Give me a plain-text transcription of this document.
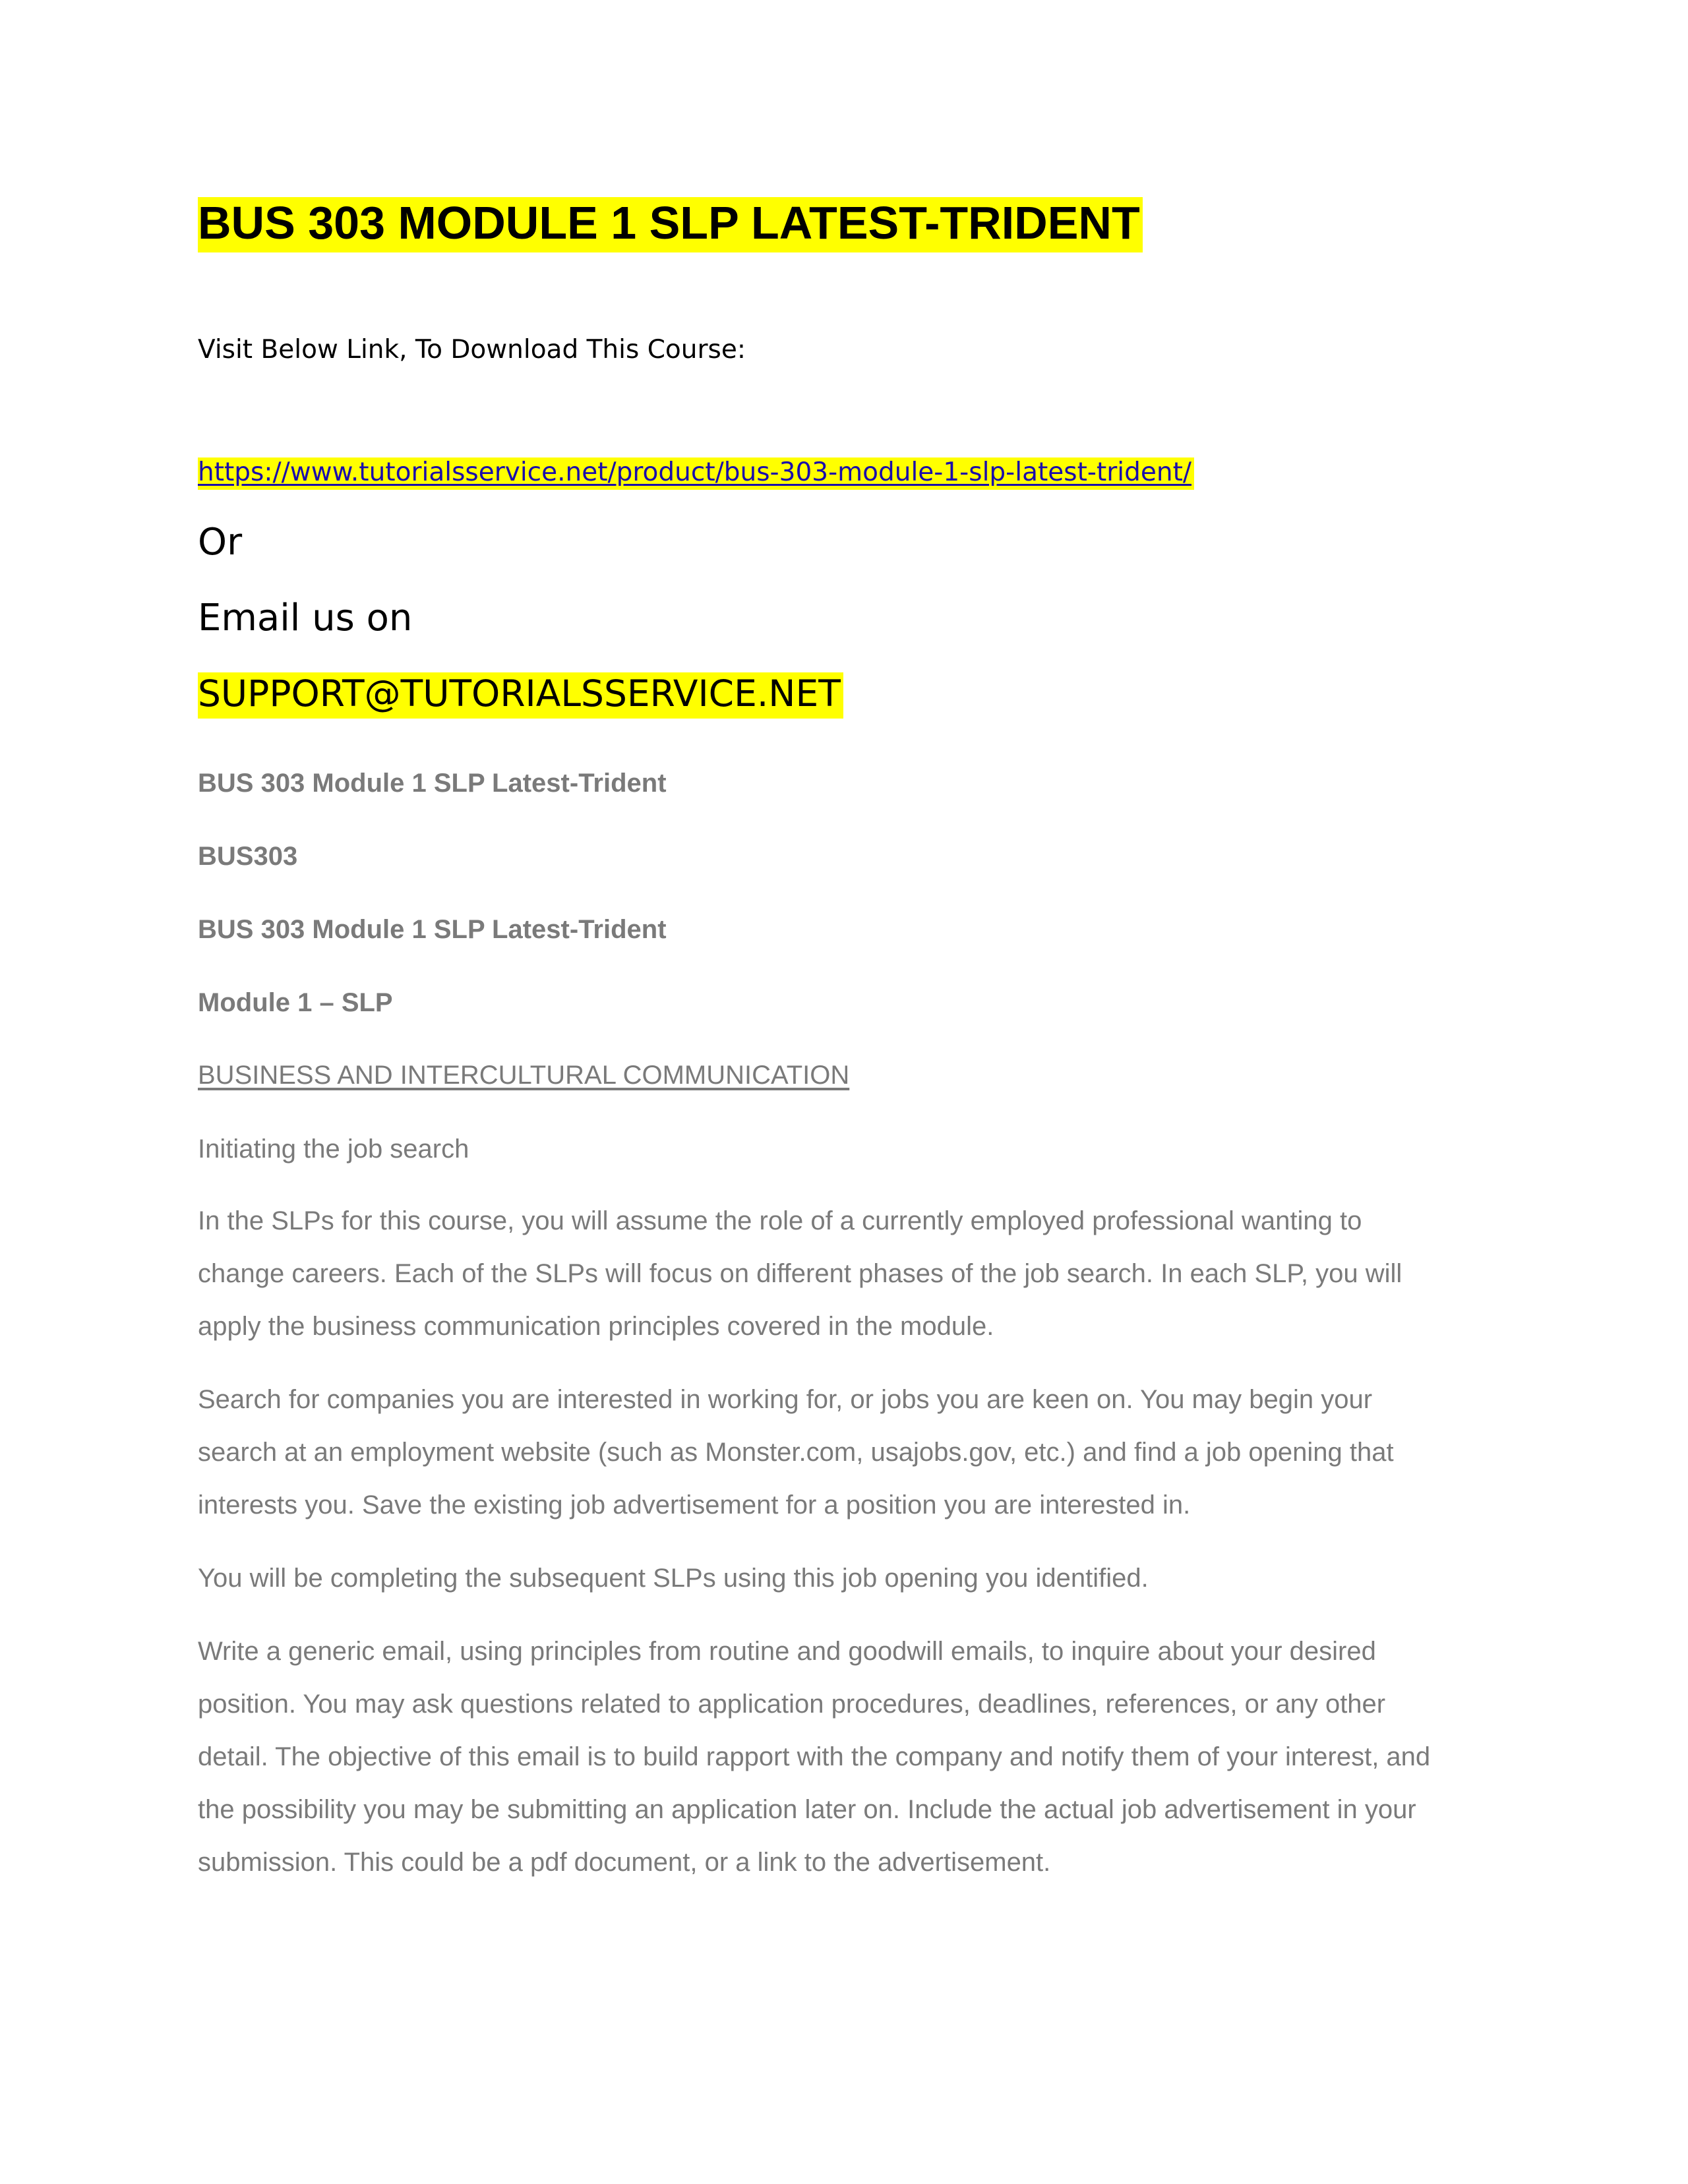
BUS 303 MODULE 1 SLP LATEST-TRIDENT

Visit Below Link, To Download This Course:

https://www.tutorialsservice.net/product/bus-303-module-1-slp-latest-trident/

Or

Email us on

SUPPORT@TUTORIALSSERVICE.NET

BUS 303 Module 1 SLP Latest-Trident

BUS303

BUS 303 Module 1 SLP Latest-Trident

Module 1 – SLP

BUSINESS AND INTERCULTURAL COMMUNICATION

Initiating the job search

In the SLPs for this course, you will assume the role of a currently employed professional wanting to
change careers. Each of the SLPs will focus on different phases of the job search. In each SLP, you will
apply the business communication principles covered in the module.
Search for companies you are interested in working for, or jobs you are keen on. You may begin your
search at an employment website (such as Monster.com, usajobs.gov, etc.) and find a job opening that
interests you. Save the existing job advertisement for a position you are interested in.
You will be completing the subsequent SLPs using this job opening you identified.
Write a generic email, using principles from routine and goodwill emails, to inquire about your desired
position. You may ask questions related to application procedures, deadlines, references, or any other
detail. The objective of this email is to build rapport with the company and notify them of your interest, and
the possibility you may be submitting an application later on. Include the actual job advertisement in your
submission. This could be a pdf document, or a link to the advertisement.
